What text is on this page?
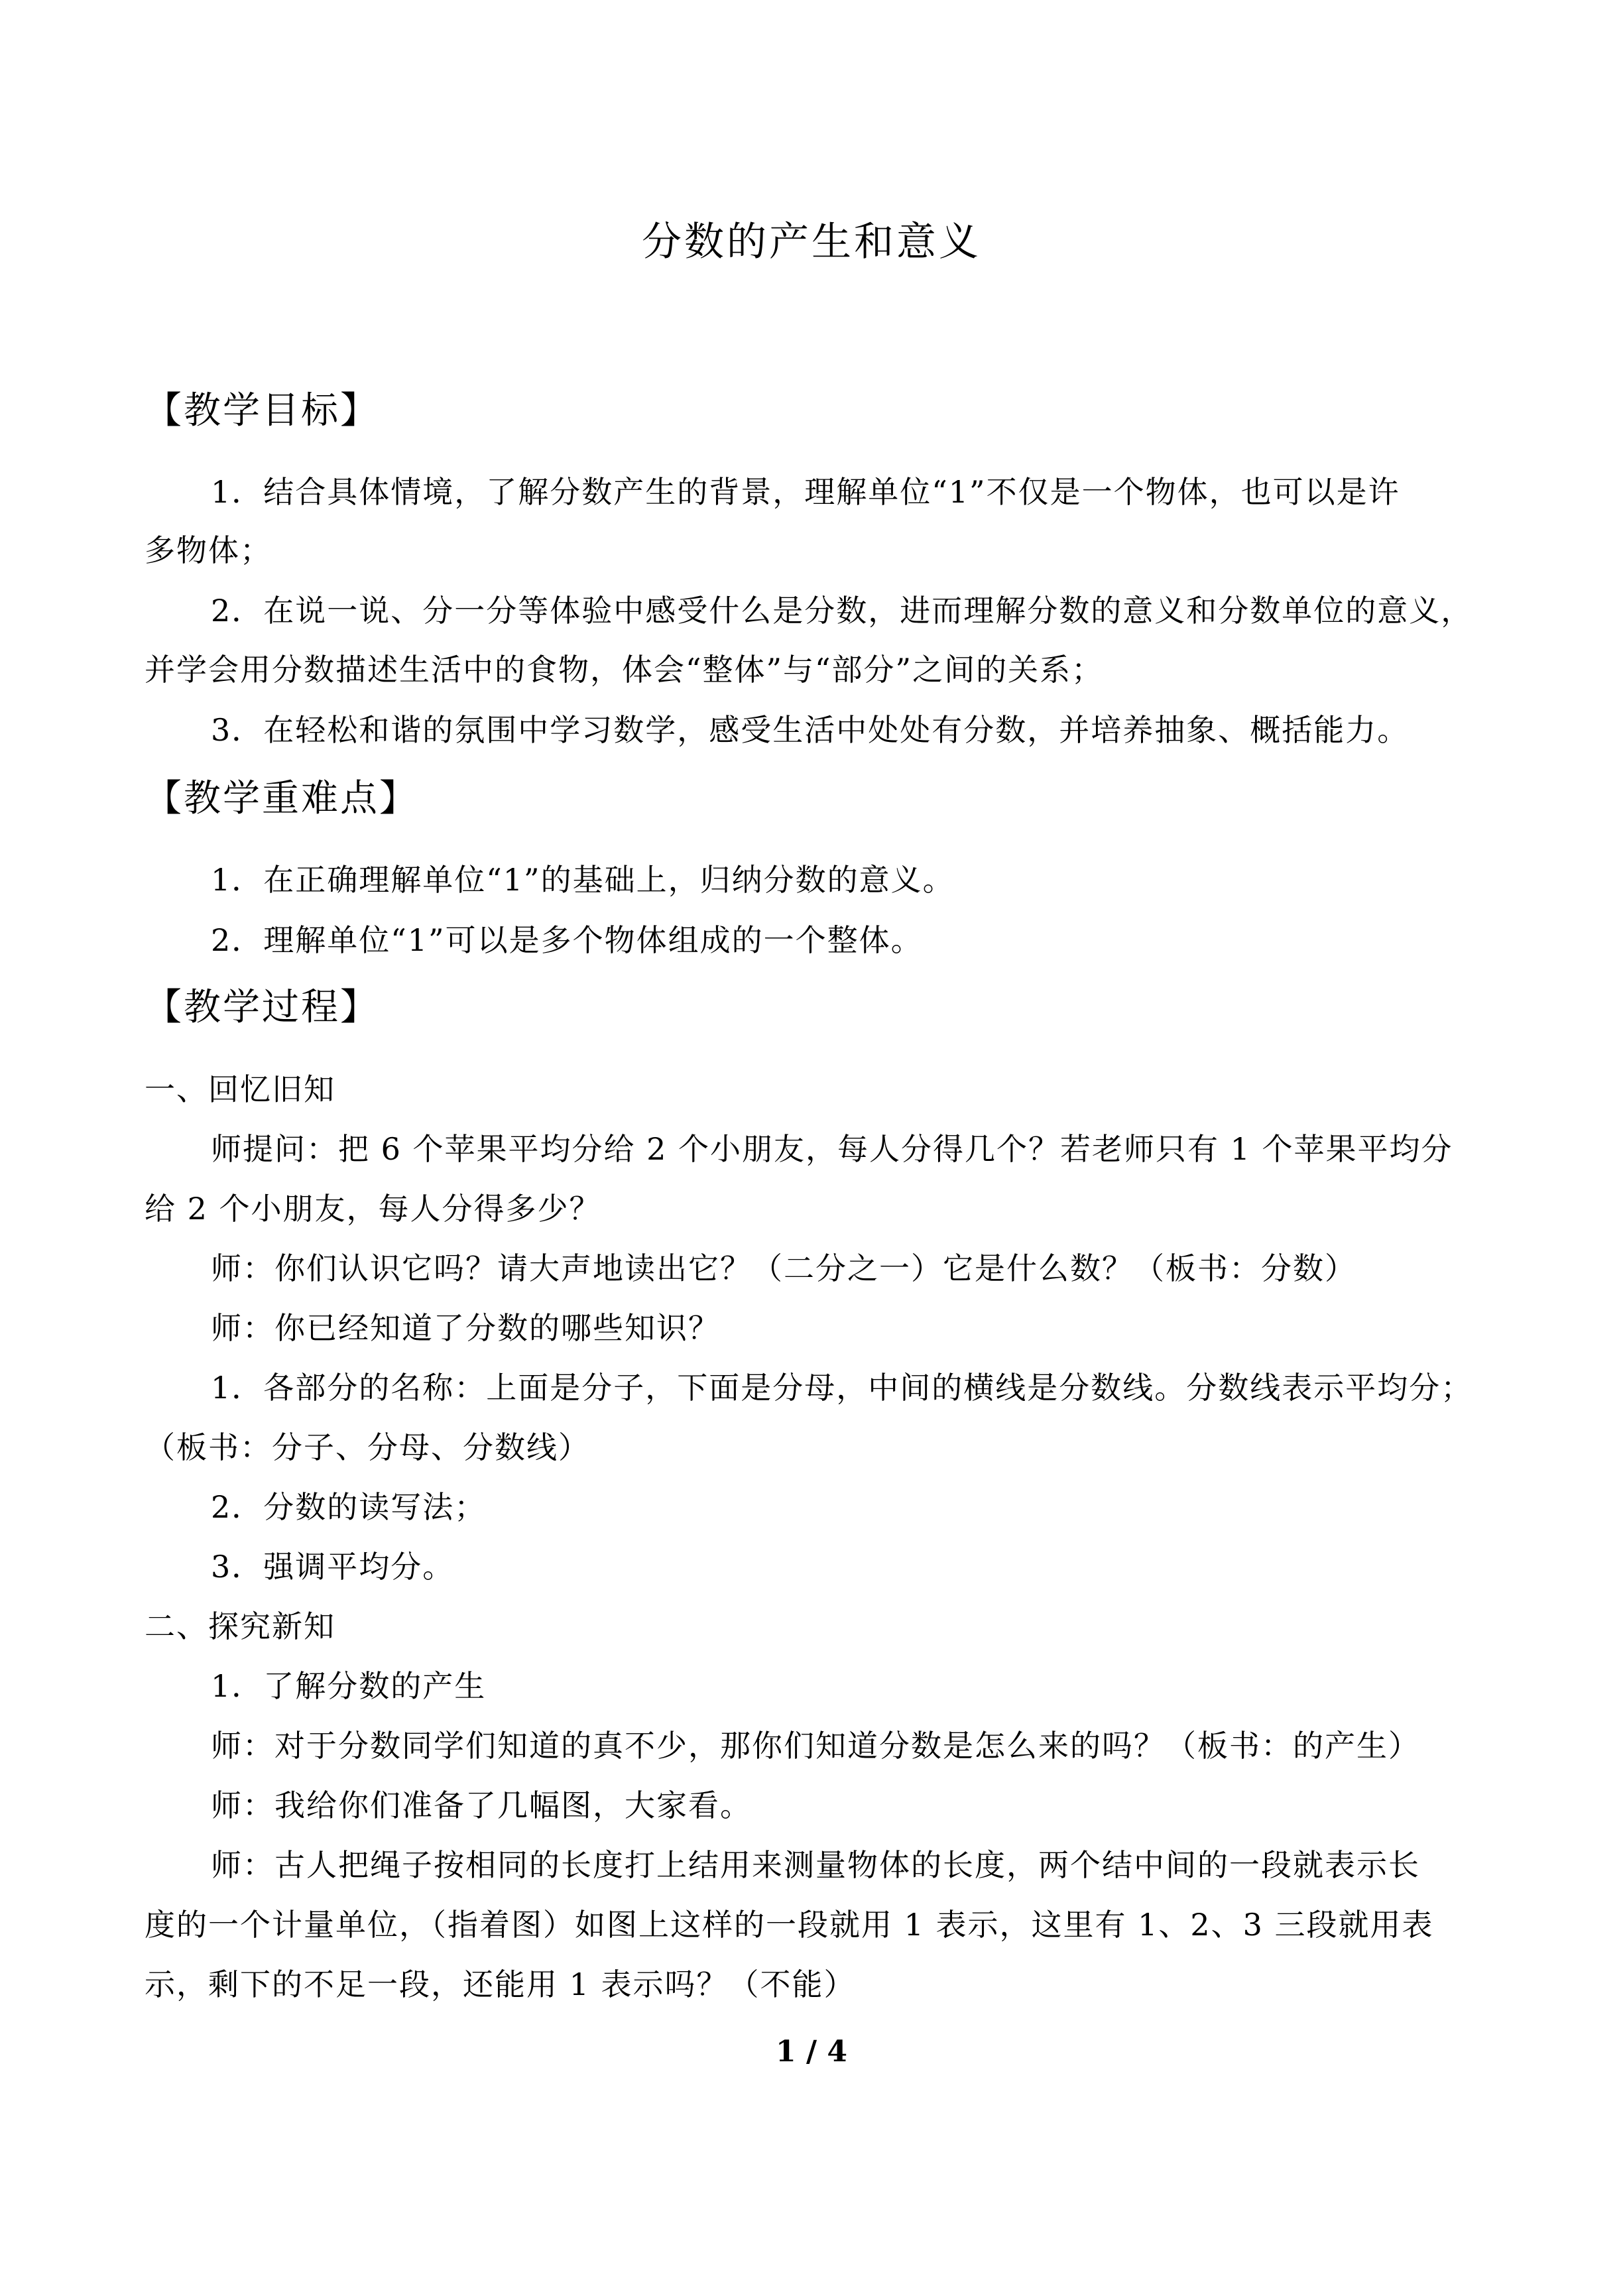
分数的产生和意义
【教学目标】
1．结合具体情境，了解分数产生的背景，理解单位“1”不仅是一个物体，也可以是许
多物体；
2．在说一说、分一分等体验中感受什么是分数，进而理解分数的意义和分数单位的意义，
并学会用分数描述生活中的食物，体会“整体”与“部分”之间的关系；
3．在轻松和谐的氛围中学习数学，感受生活中处处有分数，并培养抽象、概括能力。
【教学重难点】
1．在正确理解单位“1”的基础上，归纳分数的意义。
2．理解单位“1”可以是多个物体组成的一个整体。
【教学过程】
一、回忆旧知
师提问：把 6 个苹果平均分给 2 个小朋友，每人分得几个？若老师只有 1 个苹果平均分
给 2 个小朋友，每人分得多少？
师：你们认识它吗？请大声地读出它？（二分之一）它是什么数？（板书：分数）
师：你已经知道了分数的哪些知识？
1．各部分的名称：上面是分子，下面是分母，中间的横线是分数线。分数线表示平均分；
（板书：分子、分母、分数线）
2．分数的读写法；
3．强调平均分。
二、探究新知
1．了解分数的产生
师：对于分数同学们知道的真不少，那你们知道分数是怎么来的吗？（板书：的产生）
师：我给你们准备了几幅图，大家看。
师：古人把绳子按相同的长度打上结用来测量物体的长度，两个结中间的一段就表示长
度的一个计量单位，（指着图）如图上这样的一段就用 1 表示，这里有 1、2、3 三段就用表
示，剩下的不足一段，还能用 1 表示吗？（不能）
1 / 4
